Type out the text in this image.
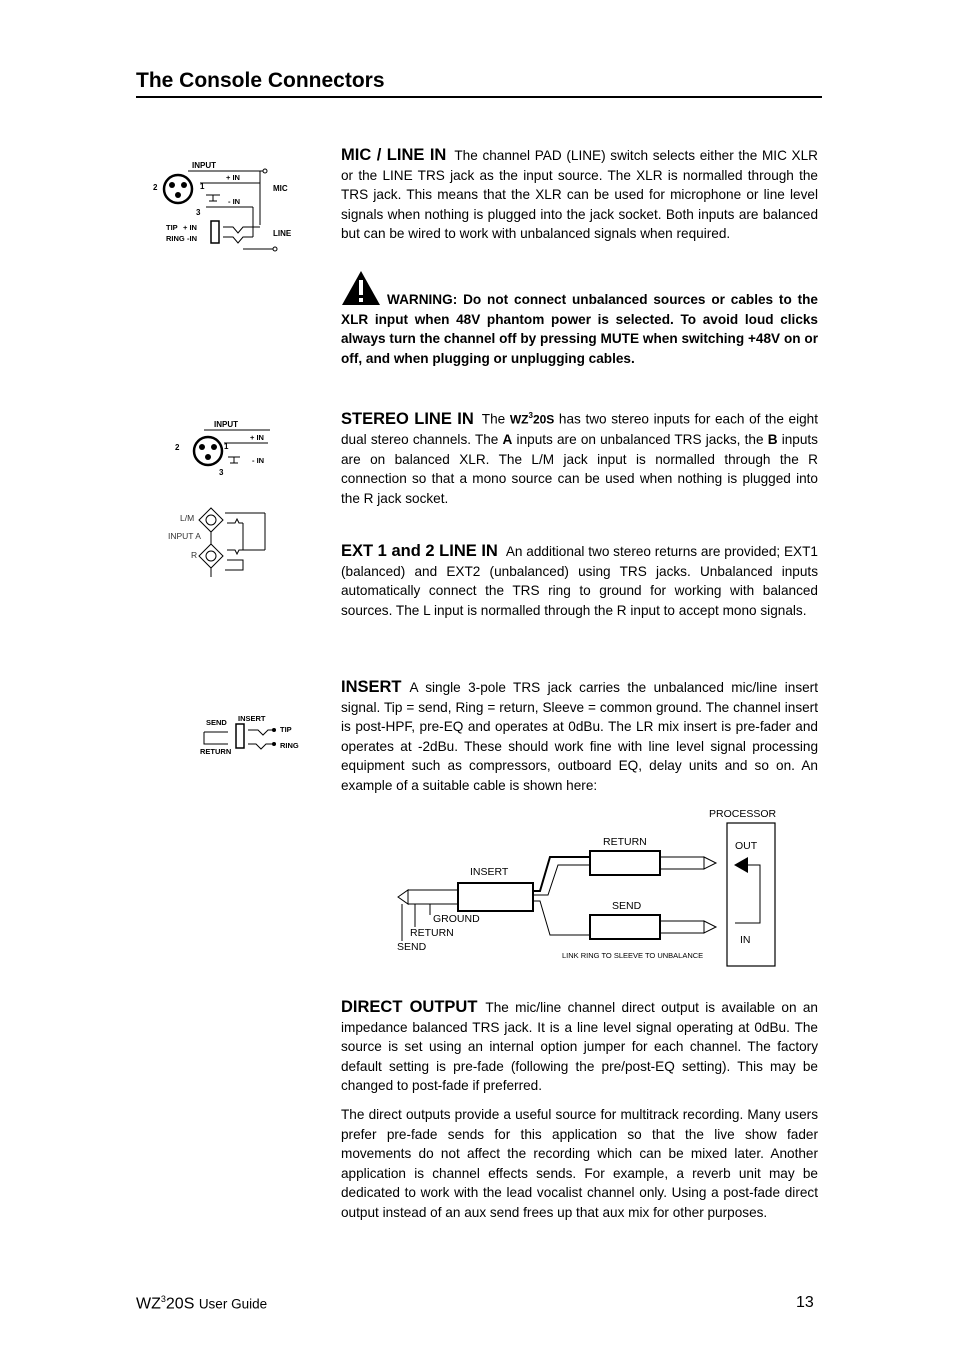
The Console Connectors

MIC / LINE IN The channel PAD (LINE) switch selects either the MIC XLR or the LINE TRS jack as the input source. The XLR is normalled through the TRS jack. This means that the XLR can be used for microphone or line level signals when nothing is plugged into the jack socket. Both inputs are balanced but can be wired to work with unbalanced signals when required.

WARNING: Do not connect unbalanced sources or cables to the XLR input when 48V phantom power is selected. To avoid loud clicks always turn the channel off by pressing MUTE when switching +48V on or off, and when plugging or unplugging cables.

INPUT
2	1
3
+ IN
- IN
MIC
TIP + IN
RING -IN
LINE

STEREO LINE IN The $WZ^320S$ has two stereo inputs for each of the eight dual stereo channels. The A inputs are on unbalanced TRS jacks, the B inputs are on balanced XLR. The L/M jack input is normalled through the R connection so that a mono source can be used when nothing is plugged into the R jack socket.

INPUT
2	1
3
+ IN
- IN
L/M
INPUT A
R	EXT 1 and 2 LINE IN An additional two stereo returns are provided; EXT1 (balanced) and EXT2 (unbalanced) using TRS jacks. Unbalanced inputs automatically connect the TRS ring to ground for working with balanced sources. The L input is normalled through the R input to accept mono signals.

INSERT A single 3-pole TRS jack carries the unbalanced mic/line insert signal. Tip = send, Ring = return, Sleeve = common ground. The channel insert is post-HPF, pre-EQ and operates at 0dBu. The LR mix insert is pre-fader and operates at -2dBu. These should work fine with line level signal processing equipment such as compressors, outboard EQ, delay units and so on. An example of a suitable cable is shown here:

SEND INSERT
RETURN
TIP
RING
PROCESSOR
OUT
IN
RETURN
SEND
INSERT
GROUND
RETURN
SEND
LINK RING TO SLEEVE TO UNBALANCE

DIRECT OUTPUT The mic/line channel direct output is available on an impedance balanced TRS jack. It is a line level signal operating at 0dBu. The source is set using an internal option jumper for each channel. The factory default setting is pre-fade (following the pre/post-EQ setting). This may be changed to post-fade if preferred.

The direct outputs provide a useful source for multitrack recording. Many users prefer pre-fade sends for this application so that the live show fader movements do not affect the recording which can be mixed later. Another application is channel effects sends. For example, a reverb unit may be dedicated to work with the lead vocalist channel only. Using a post-fade direct output instead of an aux send frees up that aux mix for other purposes.

$WZ^320S$ User Guide	13
